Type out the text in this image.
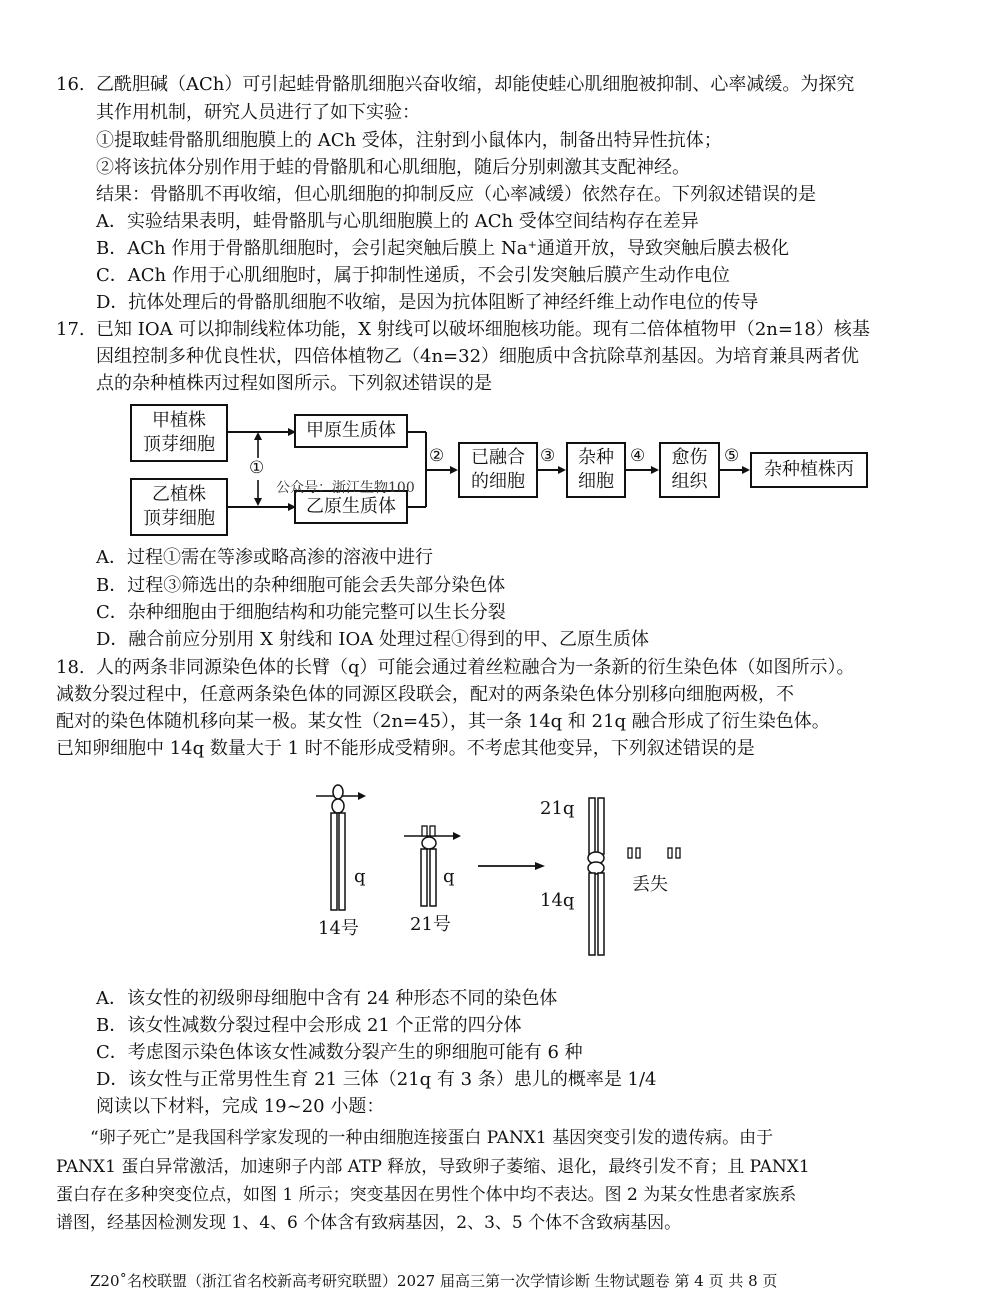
16. 乙酰胆碱（ACh）可引起蛙骨骼肌细胞兴奋收缩，却能使蛙心肌细胞被抑制、心率减缓。为探究
其作用机制，研究人员进行了如下实验：
①提取蛙骨骼肌细胞膜上的 ACh 受体，注射到小鼠体内，制备出特异性抗体；
②将该抗体分别作用于蛙的骨骼肌和心肌细胞，随后分别刺激其支配神经。
结果：骨骼肌不再收缩，但心肌细胞的抑制反应（心率减缓）依然存在。下列叙述错误的是
A．实验结果表明，蛙骨骼肌与心肌细胞膜上的 ACh 受体空间结构存在差异
B．ACh 作用于骨骼肌细胞时，会引起突触后膜上 Na⁺通道开放，导致突触后膜去极化
C．ACh 作用于心肌细胞时，属于抑制性递质，不会引发突触后膜产生动作电位
D．抗体处理后的骨骼肌细胞不收缩，是因为抗体阻断了神经纤维上动作电位的传导
17. 已知 IOA 可以抑制线粒体功能，X 射线可以破坏细胞核功能。现有二倍体植物甲（2n=18）核基
因组控制多种优良性状，四倍体植物乙（4n=32）细胞质中含抗除草剂基因。为培育兼具两者优
点的杂种植株丙过程如图所示。下列叙述错误的是
甲植株
顶芽细胞
乙植株
顶芽细胞
甲原生质体
乙原生质体
已融合
的细胞
杂种
细胞
愈伤
组织
杂种植株丙
①
②	③	④	⑤
公众号：浙江生物100
A．过程①需在等渗或略高渗的溶液中进行
B．过程③筛选出的杂种细胞可能会丢失部分染色体
C．杂种细胞由于细胞结构和功能完整可以生长分裂
D．融合前应分别用 X 射线和 IOA 处理过程①得到的甲、乙原生质体
18. 人的两条非同源染色体的长臂（q）可能会通过着丝粒融合为一条新的衍生染色体（如图所示）。
减数分裂过程中，任意两条染色体的同源区段联会，配对的两条染色体分别移向细胞两极，不
配对的染色体随机移向某一极。某女性（2n=45），其一条 14q 和 21q 融合形成了衍生染色体。
已知卵细胞中 14q 数量大于 1 时不能形成受精卵。不考虑其他变异，下列叙述错误的是
q	q
14号	21号
21q
14q
丢失
A．该女性的初级卵母细胞中含有 24 种形态不同的染色体
B．该女性减数分裂过程中会形成 21 个正常的四分体
C．考虑图示染色体该女性减数分裂产生的卵细胞可能有 6 种
D．该女性与正常男性生育 21 三体（21q 有 3 条）患儿的概率是 1/4
阅读以下材料，完成 19~20 小题：
“卵子死亡”是我国科学家发现的一种由细胞连接蛋白 PANX1 基因突变引发的遗传病。由于
PANX1 蛋白异常激活，加速卵子内部 ATP 释放，导致卵子萎缩、退化，最终引发不育；且 PANX1
蛋白存在多种突变位点，如图 1 所示；突变基因在男性个体中均不表达。图 2 为某女性患者家族系
谱图，经基因检测发现 1、4、6 个体含有致病基因，2、3、5 个体不含致病基因。
Z20˚名校联盟（浙江省名校新高考研究联盟）2027 届高三第一次学情诊断 生物试题卷 第 4 页 共 8 页
